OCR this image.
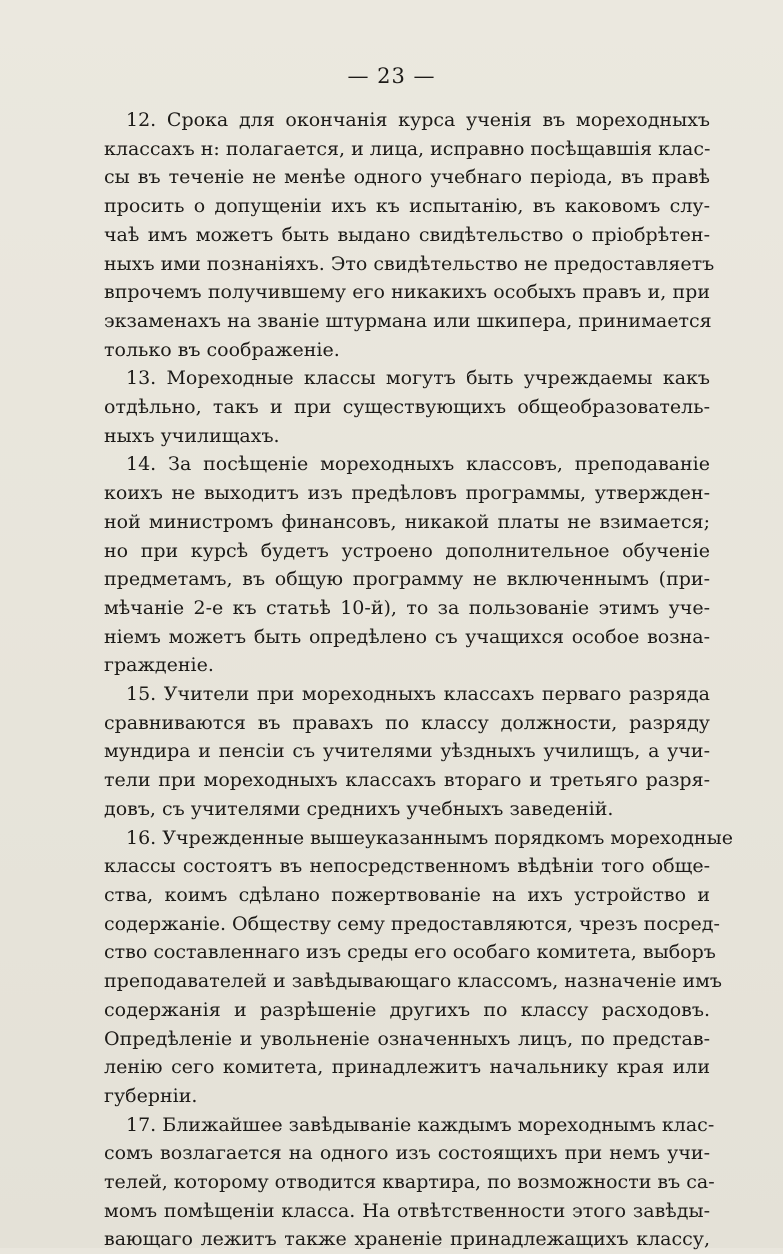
— 23 —
12. Срока для окончанія курса ученія въ мореходныхъ
классахъ н: полагается, и лица, исправно посѣщавшія клас-
сы въ теченіе не менѣе одного учебнаго періода, въ правѣ
просить о допущеніи ихъ къ испытанію, въ каковомъ слу-
чаѣ имъ можетъ быть выдано свидѣтельство о пріобрѣтен-
ныхъ ими познаніяхъ. Это свидѣтельство не предоставляетъ
впрочемъ получившему его никакихъ особыхъ правъ и, при
экзаменахъ на званіе штурмана или шкипера, принимается
только въ соображеніе.
13. Мореходные классы могутъ быть учреждаемы какъ
отдѣльно, такъ и при существующихъ общеобразователь-
ныхъ училищахъ.
14. За посѣщеніе мореходныхъ классовъ, преподаваніе
коихъ не выходитъ изъ предѣловъ программы, утвержден-
ной министромъ финансовъ, никакой платы не взимается;
но при курсѣ будетъ устроено дополнительное обученіе
предметамъ, въ общую программу не включеннымъ (при-
мѣчаніе 2-е къ статьѣ 10-й), то за пользованіе этимъ уче-
ніемъ можетъ быть опредѣлено съ учащихся особое возна-
гражденіе.
15. Учители при мореходныхъ классахъ перваго разряда
сравниваются въ правахъ по классу должности, разряду
мундира и пенсіи съ учителями уѣздныхъ училищъ, а учи-
тели при мореходныхъ классахъ втораго и третьяго разря-
довъ, съ учителями среднихъ учебныхъ заведеній.
16. Учрежденные вышеуказаннымъ порядкомъ мореходные
классы состоятъ въ непосредственномъ вѣдѣніи того обще-
ства, коимъ сдѣлано пожертвованіе на ихъ устройство и
содержаніе. Обществу сему предоставляются, чрезъ посред-
ство составленнаго изъ среды его особаго комитета, выборъ
преподавателей и завѣдывающаго классомъ, назначеніе имъ
содержанія и разрѣшеніе другихъ по классу расходовъ.
Опредѣленіе и увольненіе означенныхъ лицъ, по представ-
ленію сего комитета, принадлежитъ начальнику края или
губерніи.
17. Ближайшее завѣдываніе каждымъ мореходнымъ клас-
сомъ возлагается на одного изъ состоящихъ при немъ учи-
телей, которому отводится квартира, по возможности въ са-
момъ помѣщеніи класса. На отвѣтственности этого завѣды-
вающаго лежитъ также храненіе принадлежащихъ классу,
